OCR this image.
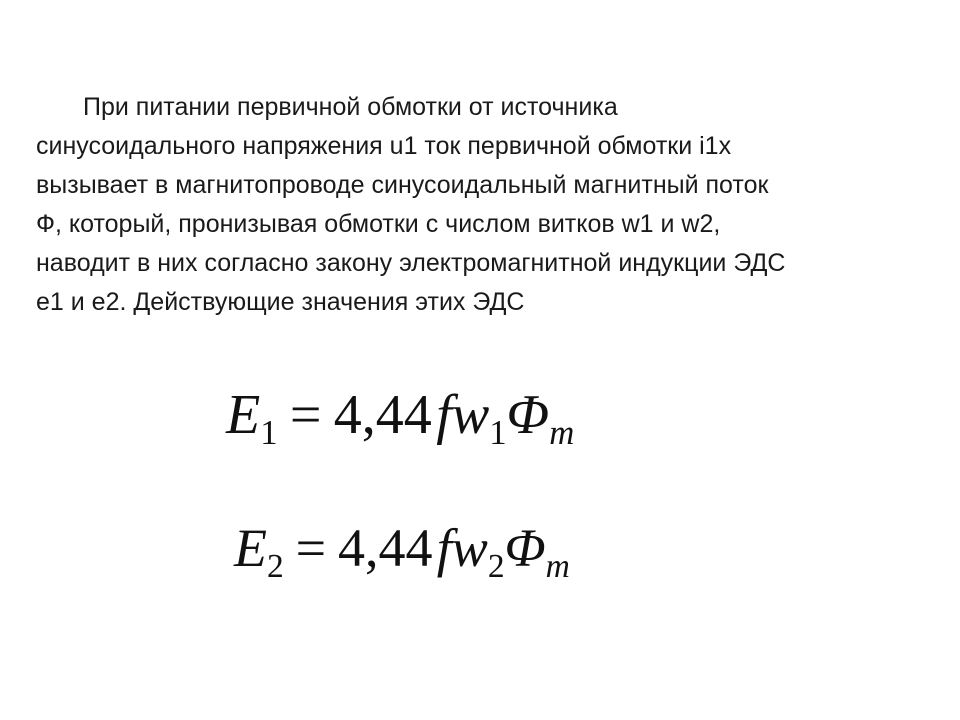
При питании первичной обмотки от источника
синусоидального напряжения u1 ток первичной обмотки i1х
вызывает в магнитопроводе синусоидальный магнитный поток
Ф, который, пронизывая обмотки с числом витков w1 и w2,
наводит в них согласно закону электромагнитной индукции ЭДС
е1 и е2. Действующие значения этих ЭДС
E1 = 4,44fw1Φm
E2 = 4,44fw2Φm
